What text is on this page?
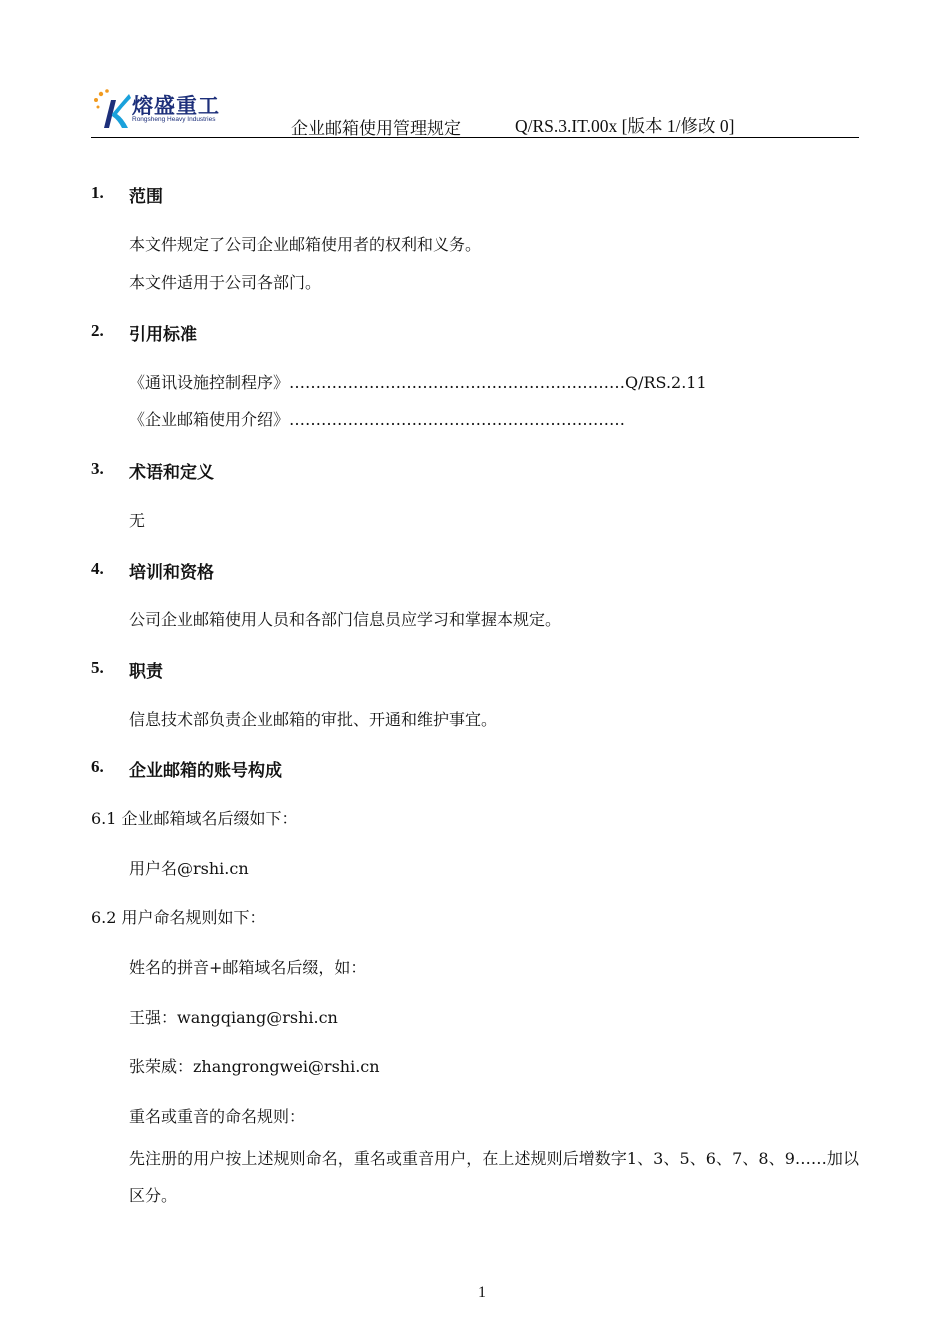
熔盛重工
Rongsheng Heavy Industries	企业邮箱使用管理规定	Q/RS.3.IT.00x [版本 1/修改 0]
1. 范围
本文件规定了公司企业邮箱使用者的权利和义务。
本文件适用于公司各部门。
2. 引用标准
《通讯设施控制程序》………………………………………………………Q/RS.2.11
《企业邮箱使用介绍》………………………………………………………
3. 术语和定义
无
4. 培训和资格
公司企业邮箱使用人员和各部门信息员应学习和掌握本规定。
5. 职责
信息技术部负责企业邮箱的审批、开通和维护事宜。
6. 企业邮箱的账号构成
6.1 企业邮箱域名后缀如下：
用户名@rshi.cn
6.2 用户命名规则如下：
姓名的拼音+邮箱域名后缀，如：
王强：wangqiang@rshi.cn
张荣威：zhangrongwei@rshi.cn
重名或重音的命名规则：
先注册的用户按上述规则命名，重名或重音用户，在上述规则后增数字1、3、5、6、7、8、9……加以区分。
1
